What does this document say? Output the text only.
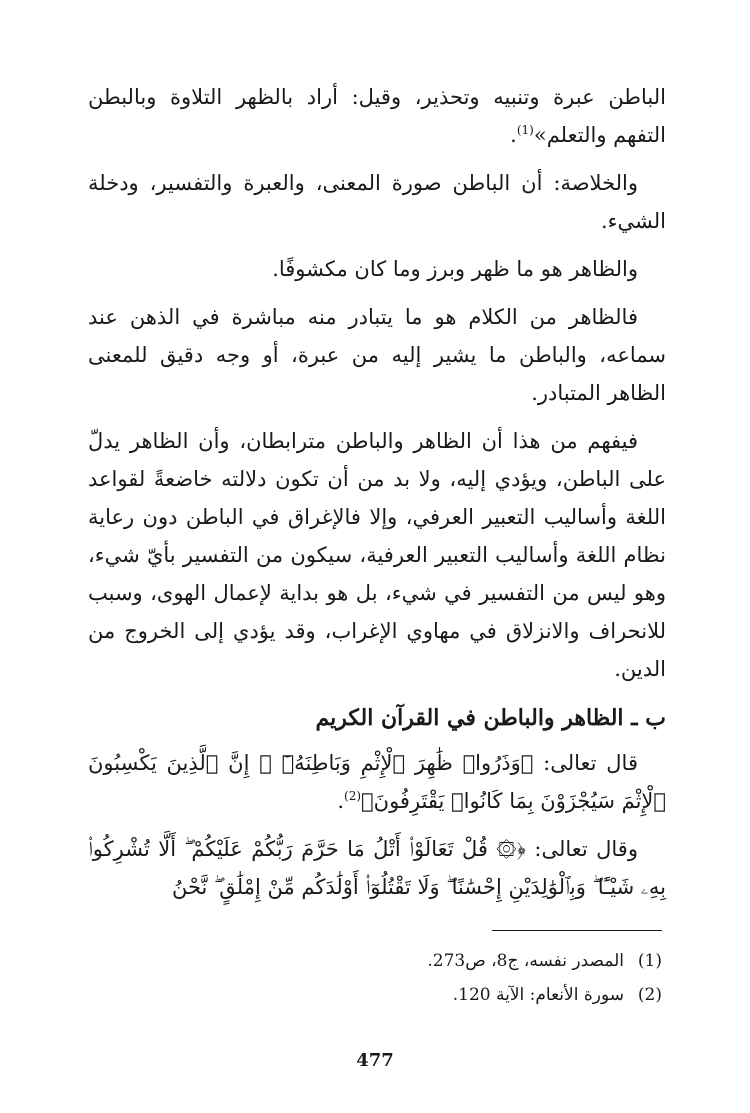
الباطن عبرة وتنبيه وتحذير، وقيل: أراد بالظهر التلاوة وبالبطن التفهم والتعلم»$^{(1)}$.

والخلاصة: أن الباطن صورة المعنى، والعبرة والتفسير، ودخلة الشيء.

والظاهر هو ما ظهر وبرز وما كان مكشوفًا.

فالظاهر من الكلام هو ما يتبادر منه مباشرة في الذهن عند سماعه، والباطن ما يشير إليه من عبرة، أو وجه دقيق للمعنى الظاهر المتبادر.

فيفهم من هذا أن الظاهر والباطن مترابطان، وأن الظاهر يدلّ على الباطن، ويؤدي إليه، ولا بد من أن تكون دلالته خاضعةً لقواعد اللغة وأساليب التعبير العرفي، وإلا فالإغراق في الباطن دون رعاية نظام اللغة وأساليب التعبير العرفية، سيكون من التفسير بأيّ شيء، وهو ليس من التفسير في شيء، بل هو بداية لإعمال الهوى، وسبب للانحراف والانزلاق في مهاوي الإغراب، وقد يؤدي إلى الخروج من الدين.

ب ـ الظاهر والباطن في القرآن الكريم

قال تعالى: ﴿وَذَرُوا۟ ظَٰهِرَ ٱلْإِثْمِ وَبَاطِنَهُۥٓ ۚ إِنَّ ٱلَّذِينَ يَكْسِبُونَ ٱلْإِثْمَ سَيُجْزَوْنَ بِمَا كَانُوا۟ يَقْتَرِفُونَ﴾$^{(2)}$.

وقال تعالى: ﴿۞ قُلْ تَعَالَوْا۟ أَتْلُ مَا حَرَّمَ رَبُّكُمْ عَلَيْكُمْ ۖ أَلَّا تُشْرِكُوا۟ بِهِۦ شَيْـًٔا ۖ وَبِٱلْوَٰلِدَيْنِ إِحْسَٰنًا ۖ وَلَا تَقْتُلُوٓا۟ أَوْلَٰدَكُم مِّنْ إِمْلَٰقٍ ۖ نَّحْنُ

(1)المصدر نفسه، ج8، ص273.
(2)سورة الأنعام: الآية 120.
477
